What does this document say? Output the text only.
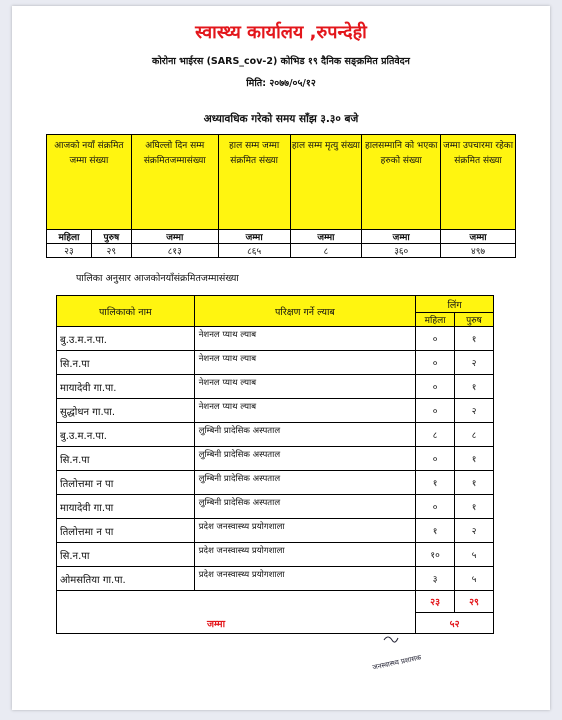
स्वास्थ्य कार्यालय ,रुपन्देही
कोरोना भाईरस (SARS_cov-2) कोभिड १९ दैनिक सङ्क्रमित प्रतिवेदन
मिति: २०७७/०५/१२
अध्यावधिक गरेको समय साँझ ३.३० बजे
आजको नयाँ संक्रमित जम्मा संख्या		अघिल्लो दिन सम्म संक्रमितजम्मासंख्या	हाल सम्म जम्मा संक्रमित संख्या	हाल सम्म मृत्यु संख्या	हालसम्मानि को भएका हरुको संख्या	जम्मा उपचारमा रहेका संक्रमित संख्या
महिला	पुरुष	जम्मा	जम्मा	जम्मा	जम्मा	जम्मा
२३	२९	८१३	८६५	८	३६०	४९७
पालिका अनुसार आजकोनयाँसंक्रमितजम्मासंख्या
पालिकाको नाम	परिक्षण गर्ने ल्याब	लिंग	
		महिला	पुरुष
बु.उ.म.न.पा.	नेशनल प्याथ ल्याब	०	१
सि.न.पा	नेशनल प्याथ ल्याब	०	२
मायादेवी गा.पा.	नेशनल प्याथ ल्याब	०	१
सुद्धोधन गा.पा.	नेशनल प्याथ ल्याब	०	२
बु.उ.म.न.पा.	लुम्बिनी प्रादेसिक अस्पताल	८	८
सि.न.पा	लुम्बिनी प्रादेसिक अस्पताल	०	१
तिलोत्तमा न पा	लुम्बिनी प्रादेसिक अस्पताल	१	१
मायादेवी गा.पा	लुम्बिनी प्रादेसिक अस्पताल	०	१
तिलोत्तमा न पा	प्रदेश जनस्वास्थ्य प्रयोगशाला	१	२
सि.न.पा	प्रदेश जनस्वास्थ्य प्रयोगशाला	१०	५
ओमसतिया गा.पा.	प्रदेश जनस्वास्थ्य प्रयोगशाला	३	५

जम्मा		२३	२९
		५२	
जनस्वास्थ्य प्रशासक
